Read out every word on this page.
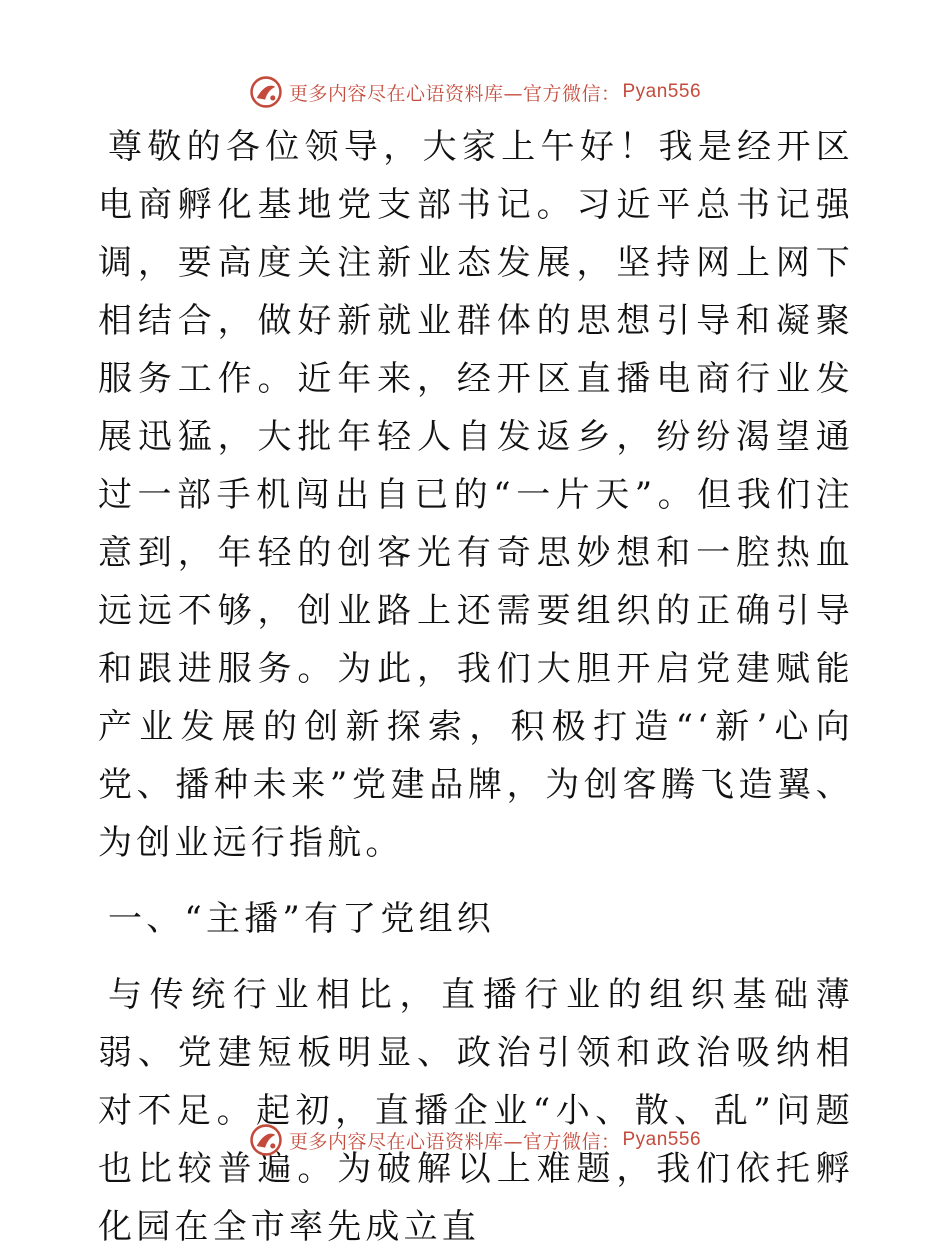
更多内容尽在心语资料库—官方微信： Pyan556

尊敬的各位领导，大家上午好！我是经开区电商孵化基地党支部书记。习近平总书记强调，要高度关注新业态发展，坚持网上网下相结合，做好新就业群体的思想引导和凝聚服务工作。近年来，经开区直播电商行业发展迅猛，大批年轻人自发返乡，纷纷渴望通过一部手机闯出自已的“一片天”。但我们注意到，年轻的创客光有奇思妙想和一腔热血远远不够，创业路上还需要组织的正确引导和跟进服务。为此，我们大胆开启党建赋能产业发展的创新探索，积极打造“‘新’心向党、播种未来”党建品牌，为创客腾飞造翼、为创业远行指航。

一、“主播”有了党组织

与传统行业相比，直播行业的组织基础薄弱、党建短板明显、政治引领和政治吸纳相对不足。起初，直播企业“小、散、乱”问题也比较普遍。为破解以上难题，我们依托孵化园在全市率先成立直

更多内容尽在心语资料库—官方微信： Pyan556
